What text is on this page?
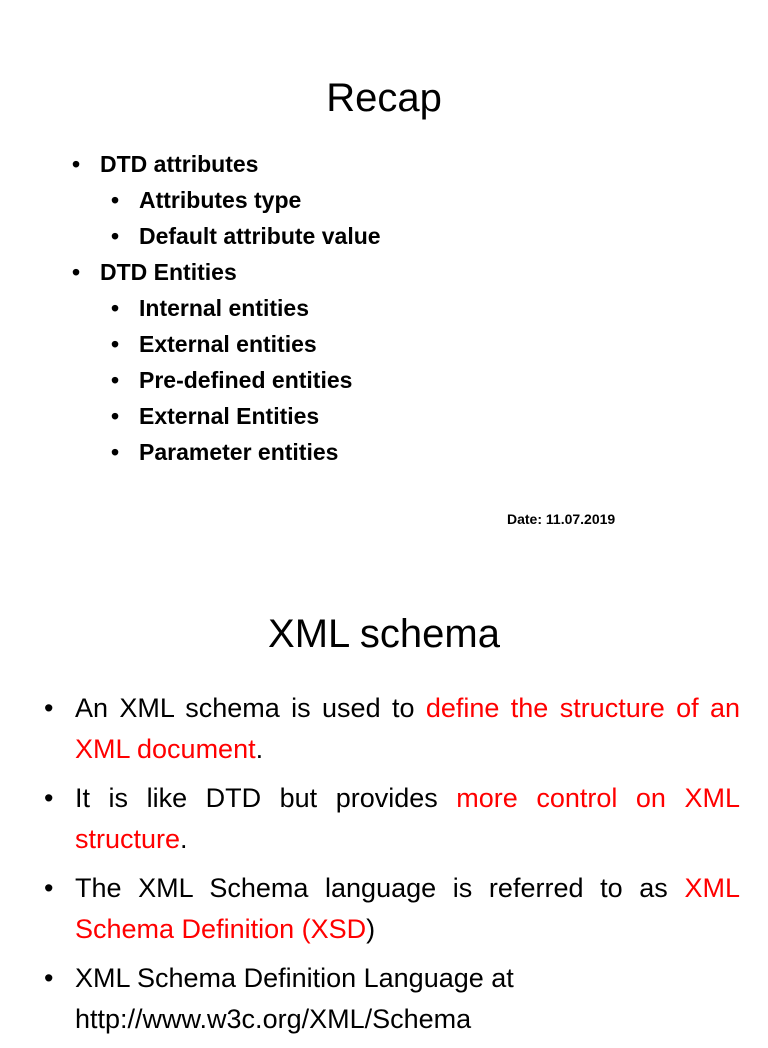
Recap
• DTD attributes
• Attributes type
• Default attribute value
• DTD Entities
• Internal entities
• External entities
• Pre-defined entities
• External Entities
• Parameter entities
Date: 11.07.2019
XML schema
• An XML schema is used to define the structure of an XML document.
• It is like DTD but provides more control on XML structure.
• The XML Schema language is referred to as XML Schema Definition (XSD)
• XML Schema Definition Language at http://www.w3c.org/XML/Schema
